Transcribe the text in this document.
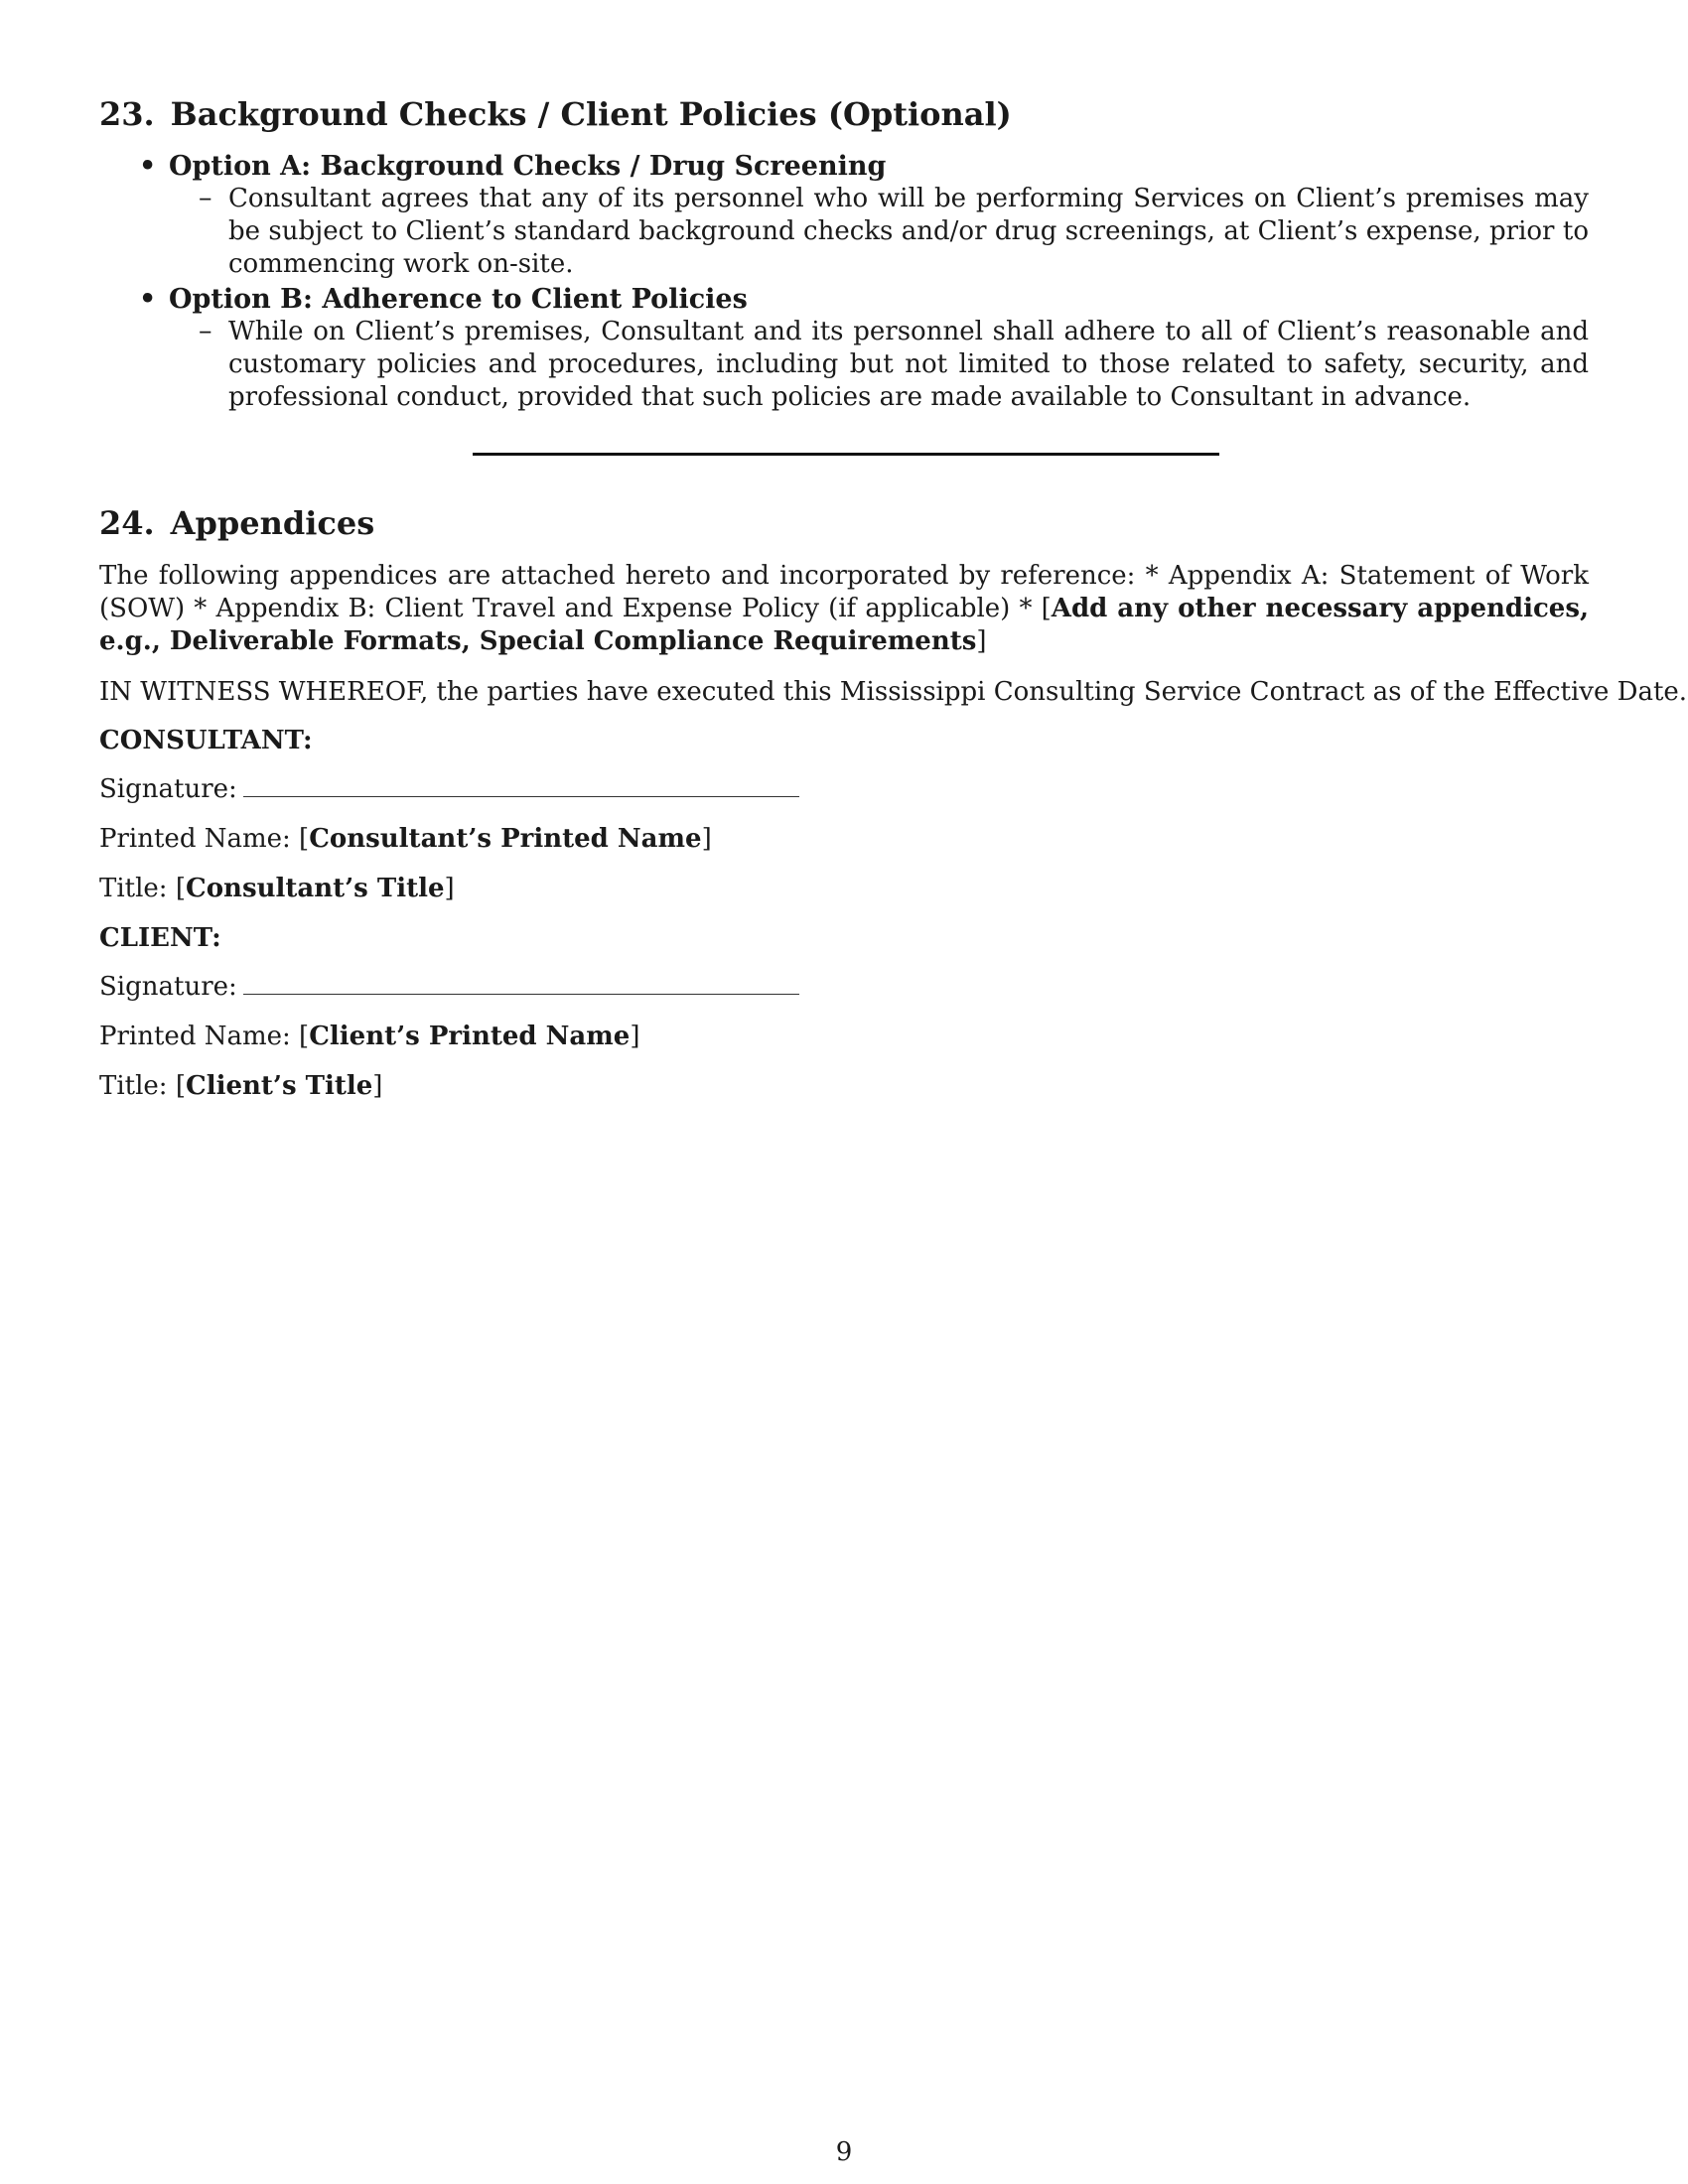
23. Background Checks / Client Policies (Optional)
• Option A: Background Checks / Drug Screening
– Consultant agrees that any of its personnel who will be performing Services on Client’s premises may be subject to Client’s standard background checks and/or drug screenings, at Client’s expense, prior to commencing work on-site.

• Option B: Adherence to Client Policies
– While on Client’s premises, Consultant and its personnel shall adhere to all of Client’s reasonable and customary policies and procedures, including but not limited to those related to safety, security, and professional conduct, provided that such policies are made available to Consultant in advance.

24. Appendices

The following appendices are attached hereto and incorporated by reference: * Appendix A: Statement of Work (SOW) * Appendix B: Client Travel and Expense Policy (if applicable) * [Add any other necessary appendices, e.g., Deliverable Formats, Special Compliance Requirements]

IN WITNESS WHEREOF, the parties have executed this Mississippi Consulting Service Contract as of the Effective Date.
CONSULTANT:
Signature:
Printed Name: [Consultant’s Printed Name]
Title: [Consultant’s Title]
CLIENT:
Signature:
Printed Name: [Client’s Printed Name]
Title: [Client’s Title]
9
